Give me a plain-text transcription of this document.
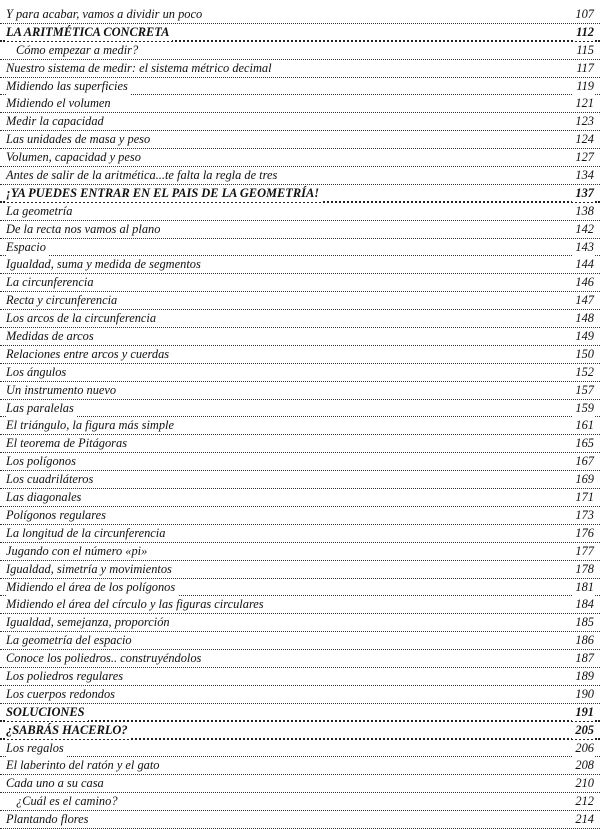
Y para acabar, vamos a dividir un poco	107
LA ARITMÉTICA CONCRETA	112
Cómo empezar a medir?	115
Nuestro sistema de medir: el sistema métrico decimal	117
Midiendo las superficies	119
Midiendo el volumen	121
Medir la capacidad	123
Las unidades de masa y peso	124
Volumen, capacidad y peso	127
Antes de salir de la aritmética...te falta la regla de tres	134
¡YA PUEDES ENTRAR EN EL PAIS DE LA GEOMETRÍA!	137
La geometría	138
De la recta nos vamos al plano	142
Espacio	143
Igualdad, suma y medida de segmentos	144
La circunferencia	146
Recta y circunferencia	147
Los arcos de la circunferencia	148
Medidas de arcos	149
Relaciones entre arcos y cuerdas	150
Los ángulos	152
Un instrumento nuevo	157
Las paralelas	159
El triángulo, la figura más simple	161
El teorema de Pitágoras	165
Los polígonos	167
Los cuadriláteros	169
Las diagonales	171
Polígonos regulares	173
La longitud de la circunferencia	176
Jugando con el número «pi»	177
Igualdad, simetría y movimientos	178
Midiendo el área de los polígonos	181
Midiendo el área del círculo y las figuras circulares	184
Igualdad, semejanza, proporción	185
La geometría del espacio	186
Conoce los poliedros.. construyéndolos	187
Los poliedros regulares	189
Los cuerpos redondos	190
SOLUCIONES	191
¿SABRÁS HACERLO?	205
Los regalos	206
El laberinto del ratón y el gato	208
Cada uno a su casa	210
¿Cuál es el camino?	212
Plantando flores	214
